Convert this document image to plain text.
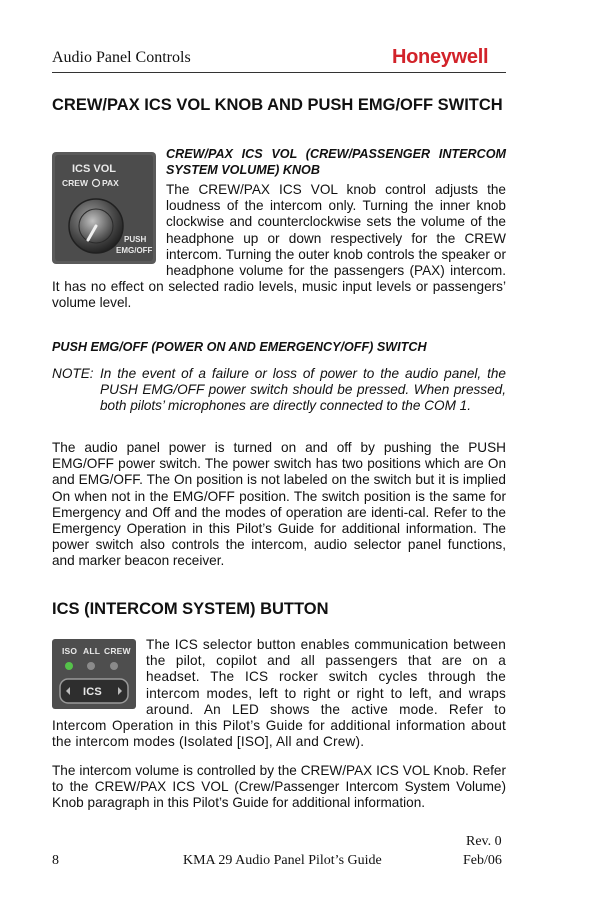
Audio Panel Controls	Honeywell
CREW/PAX ICS VOL KNOB AND PUSH EMG/OFF SWITCH
ICS VOL
CREW PAX
PUSH
EMG/OFF
CREW/PAX ICS VOL (CREW/PASSENGER INTERCOM SYSTEM VOLUME) KNOB
The CREW/PAX ICS VOL knob control adjusts the loudness of the intercom only. Turning the inner knob clockwise and counterclockwise sets the volume of the headphone up or down respectively for the CREW intercom. Turning the outer knob controls the speaker or headphone volume for the passengers (PAX) intercom. It has no effect on selected radio levels, music input levels or passengers’ volume level.
PUSH EMG/OFF (POWER ON AND EMERGENCY/OFF) SWITCH
NOTE: In the event of a failure or loss of power to the audio panel, the PUSH EMG/OFF power switch should be pressed. When pressed, both pilots’ microphones are directly connected to the COM 1.

The audio panel power is turned on and off by pushing the PUSH EMG/OFF power switch. The power switch has two positions which are On and EMG/OFF. The On position is not labeled on the switch but it is implied On when not in the EMG/OFF position. The switch position is the same for Emergency and Off and the modes of operation are identi-cal. Refer to the Emergency Operation in this Pilot’s Guide for additional information. The power switch also controls the intercom, audio selector panel functions, and marker beacon receiver.

ICS (INTERCOM SYSTEM) BUTTON
ISO ALL CREW
ICS
The ICS selector button enables communication between the pilot, copilot and all passengers that are on a headset. The ICS rocker switch cycles through the intercom modes, left to right or right to left, and wraps around. An LED shows the active mode. Refer to Intercom Operation in this Pilot’s Guide for additional information about the intercom modes (Isolated [ISO], All and Crew).

The intercom volume is controlled by the CREW/PAX ICS VOL Knob. Refer to the CREW/PAX ICS VOL (Crew/Passenger Intercom System Volume) Knob paragraph in this Pilot’s Guide for additional information.

8	KMA 29 Audio Panel Pilot’s Guide
Rev. 0
Feb/06
